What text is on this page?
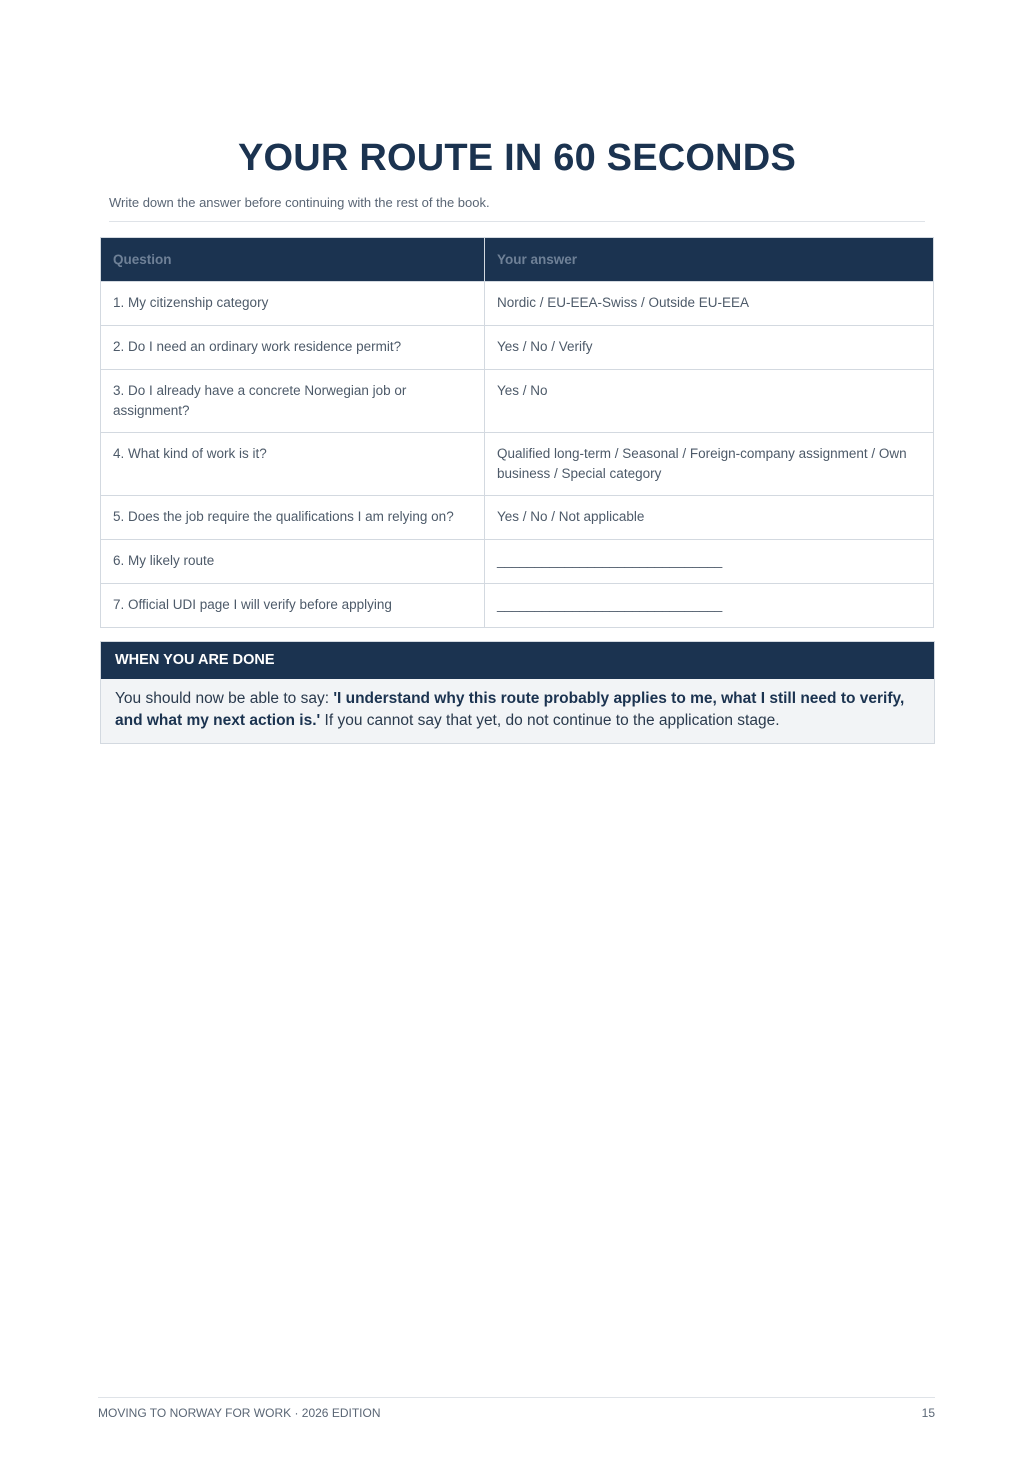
YOUR ROUTE IN 60 SECONDS
Write down the answer before continuing with the rest of the book.
Question	Your answer
1. My citizenship category	Nordic / EU-EEA-Swiss / Outside EU-EEA
2. Do I need an ordinary work residence permit?	Yes / No / Verify
3. Do I already have a concrete Norwegian job or assignment?	Yes / No
4. What kind of work is it?	Qualified long-term / Seasonal / Foreign-company assignment / Own business / Special category
5. Does the job require the qualifications I am relying on?	Yes / No / Not applicable
6. My likely route	______________________________
7. Official UDI page I will verify before applying	______________________________
WHEN YOU ARE DONE
You should now be able to say: 'I understand why this route probably applies to me, what I still need to verify, and what my next action is.' If you cannot say that yet, do not continue to the application stage.
MOVING TO NORWAY FOR WORK · 2026 EDITION	15
